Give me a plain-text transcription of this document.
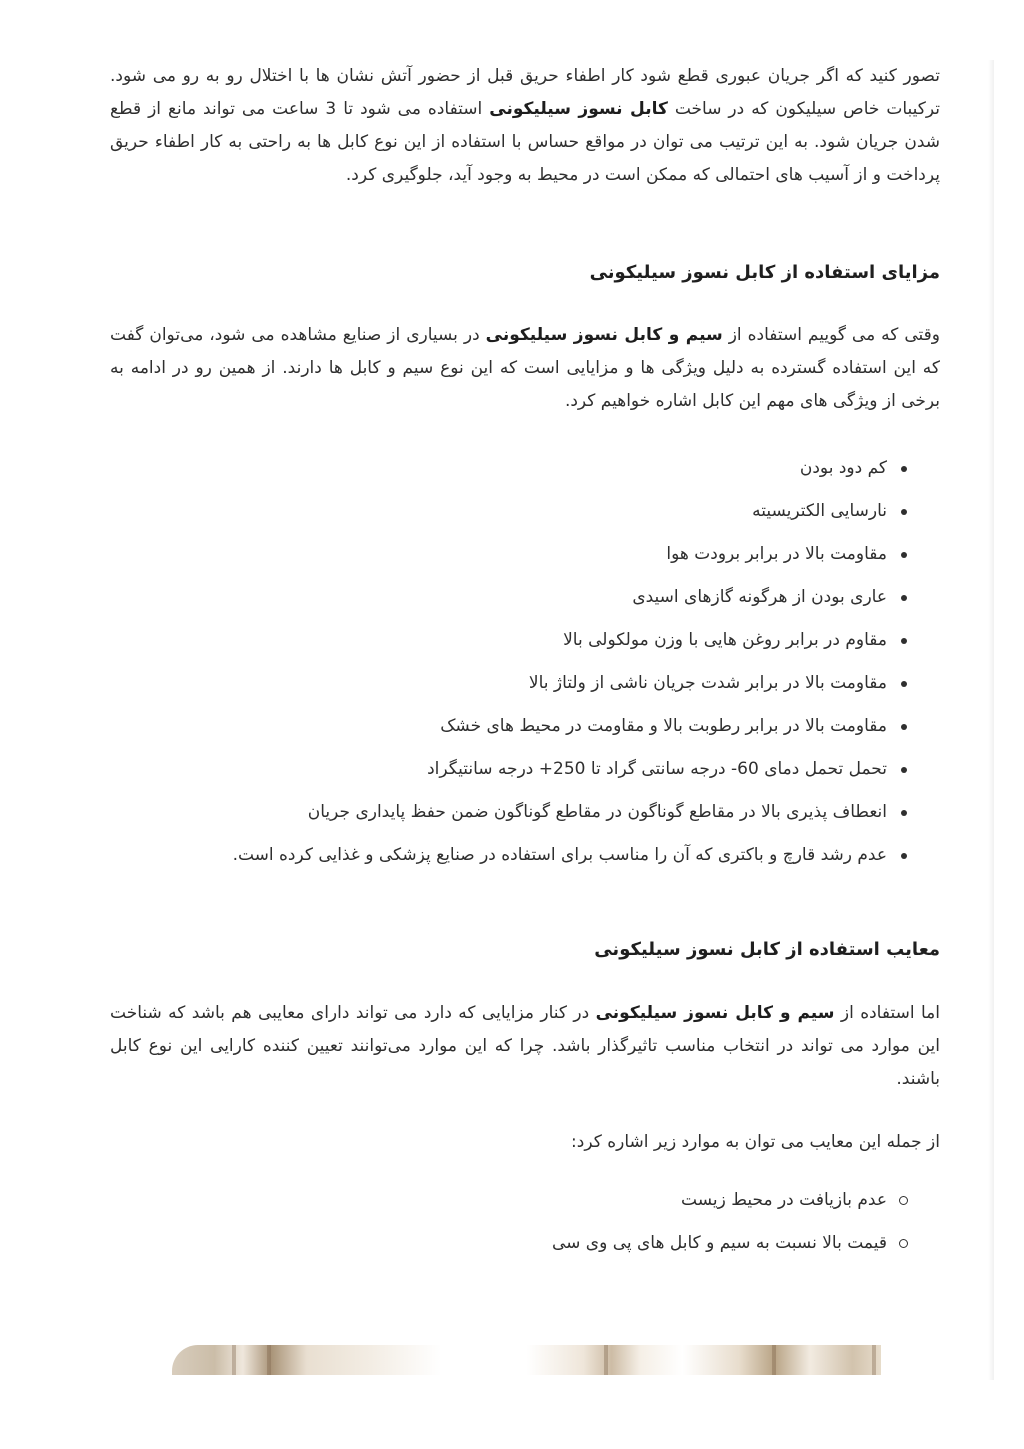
تصور کنید که اگر جریان عبوری قطع شود کار اطفاء حریق قبل از حضور آتش نشان ها با اختلال رو به رو می شود. ترکیبات خاص سیلیکون که در ساخت کابل نسوز سیلیکونی استفاده می شود تا 3 ساعت می تواند مانع از قطع شدن جریان شود. به این ترتیب می توان در مواقع حساس با استفاده از این نوع کابل ها به راحتی به کار اطفاء حریق پرداخت و از آسیب های احتمالی که ممکن است در محیط به وجود آید، جلوگیری کرد.

مزایای استفاده از کابل نسوز سیلیکونی

وقتی که می گوییم استفاده از سیم و کابل نسوز سیلیکونی در بسیاری از صنایع مشاهده می شود، می‌توان گفت که این استفاده گسترده به دلیل ویژگی ها و مزایایی است که این نوع سیم و کابل ها دارند. از همین رو در ادامه به برخی از ویژگی های مهم این کابل اشاره خواهیم کرد.

کم دود بودن
نارسایی الکتریسیته
مقاومت بالا در برابر برودت هوا
عاری بودن از هرگونه گازهای اسیدی
مقاوم در برابر روغن هایی با وزن مولکولی بالا
مقاومت بالا در برابر شدت جریان ناشی از ولتاژ بالا
مقاومت بالا در برابر رطوبت بالا و مقاومت در محیط های خشک
تحمل تحمل دمای 60- درجه سانتی گراد تا 250+ درجه سانتیگراد
انعطاف پذیری بالا در مقاطع گوناگون در مقاطع گوناگون ضمن حفظ پایداری جریان
عدم رشد قارچ و باکتری که آن را مناسب برای استفاده در صنایع پزشکی و غذایی کرده است.
معایب استفاده از کابل نسوز سیلیکونی

اما استفاده از سیم و کابل نسوز سیلیکونی در کنار مزایایی که دارد می تواند دارای معایبی هم باشد که شناخت این موارد می تواند در انتخاب مناسب تاثیرگذار باشد. چرا که این موارد می‌توانند تعیین کننده کارایی این نوع کابل باشند.

از جمله این معایب می توان به موارد زیر اشاره کرد:

عدم بازیافت در محیط زیست
قیمت بالا نسبت به سیم و کابل های پی وی سی
